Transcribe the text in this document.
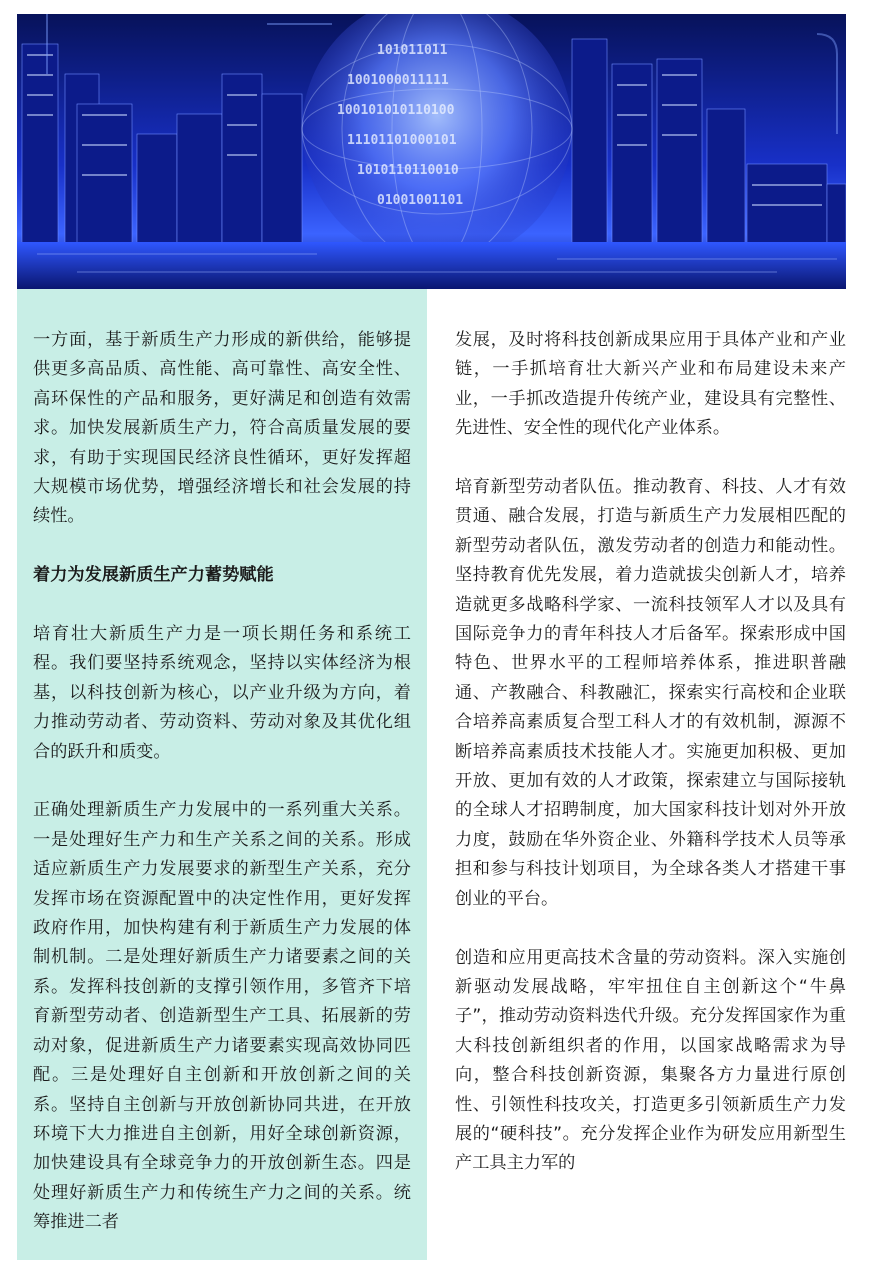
101011011
1001000011111
100101010110100
11101101000101
1010110110010
01001001101

一方面，基于新质生产力形成的新供给，能够提供更多高品质、高性能、高可靠性、高安全性、高环保性的产品和服务，更好满足和创造有效需求。加快发展新质生产力，符合高质量发展的要求，有助于实现国民经济良性循环，更好发挥超大规模市场优势，增强经济增长和社会发展的持续性。

着力为发展新质生产力蓄势赋能

培育壮大新质生产力是一项长期任务和系统工程。我们要坚持系统观念，坚持以实体经济为根基，以科技创新为核心，以产业升级为方向，着力推动劳动者、劳动资料、劳动对象及其优化组合的跃升和质变。

正确处理新质生产力发展中的一系列重大关系。一是处理好生产力和生产关系之间的关系。形成适应新质生产力发展要求的新型生产关系，充分发挥市场在资源配置中的决定性作用，更好发挥政府作用，加快构建有利于新质生产力发展的体制机制。二是处理好新质生产力诸要素之间的关系。发挥科技创新的支撑引领作用，多管齐下培育新型劳动者、创造新型生产工具、拓展新的劳动对象，促进新质生产力诸要素实现高效协同匹配。三是处理好自主创新和开放创新之间的关系。坚持自主创新与开放创新协同共进，在开放环境下大力推进自主创新，用好全球创新资源，加快建设具有全球竞争力的开放创新生态。四是处理好新质生产力和传统生产力之间的关系。统筹推进二者

发展，及时将科技创新成果应用于具体产业和产业链，一手抓培育壮大新兴产业和布局建设未来产业，一手抓改造提升传统产业，建设具有完整性、先进性、安全性的现代化产业体系。

培育新型劳动者队伍。推动教育、科技、人才有效贯通、融合发展，打造与新质生产力发展相匹配的新型劳动者队伍，激发劳动者的创造力和能动性。坚持教育优先发展，着力造就拔尖创新人才，培养造就更多战略科学家、一流科技领军人才以及具有国际竞争力的青年科技人才后备军。探索形成中国特色、世界水平的工程师培养体系，推进职普融通、产教融合、科教融汇，探索实行高校和企业联合培养高素质复合型工科人才的有效机制，源源不断培养高素质技术技能人才。实施更加积极、更加开放、更加有效的人才政策，探索建立与国际接轨的全球人才招聘制度，加大国家科技计划对外开放力度，鼓励在华外资企业、外籍科学技术人员等承担和参与科技计划项目，为全球各类人才搭建干事创业的平台。

创造和应用更高技术含量的劳动资料。深入实施创新驱动发展战略，牢牢扭住自主创新这个“牛鼻子”，推动劳动资料迭代升级。充分发挥国家作为重大科技创新组织者的作用，以国家战略需求为导向，整合科技创新资源，集聚各方力量进行原创性、引领性科技攻关，打造更多引领新质生产力发展的“硬科技”。充分发挥企业作为研发应用新型生产工具主力军的
